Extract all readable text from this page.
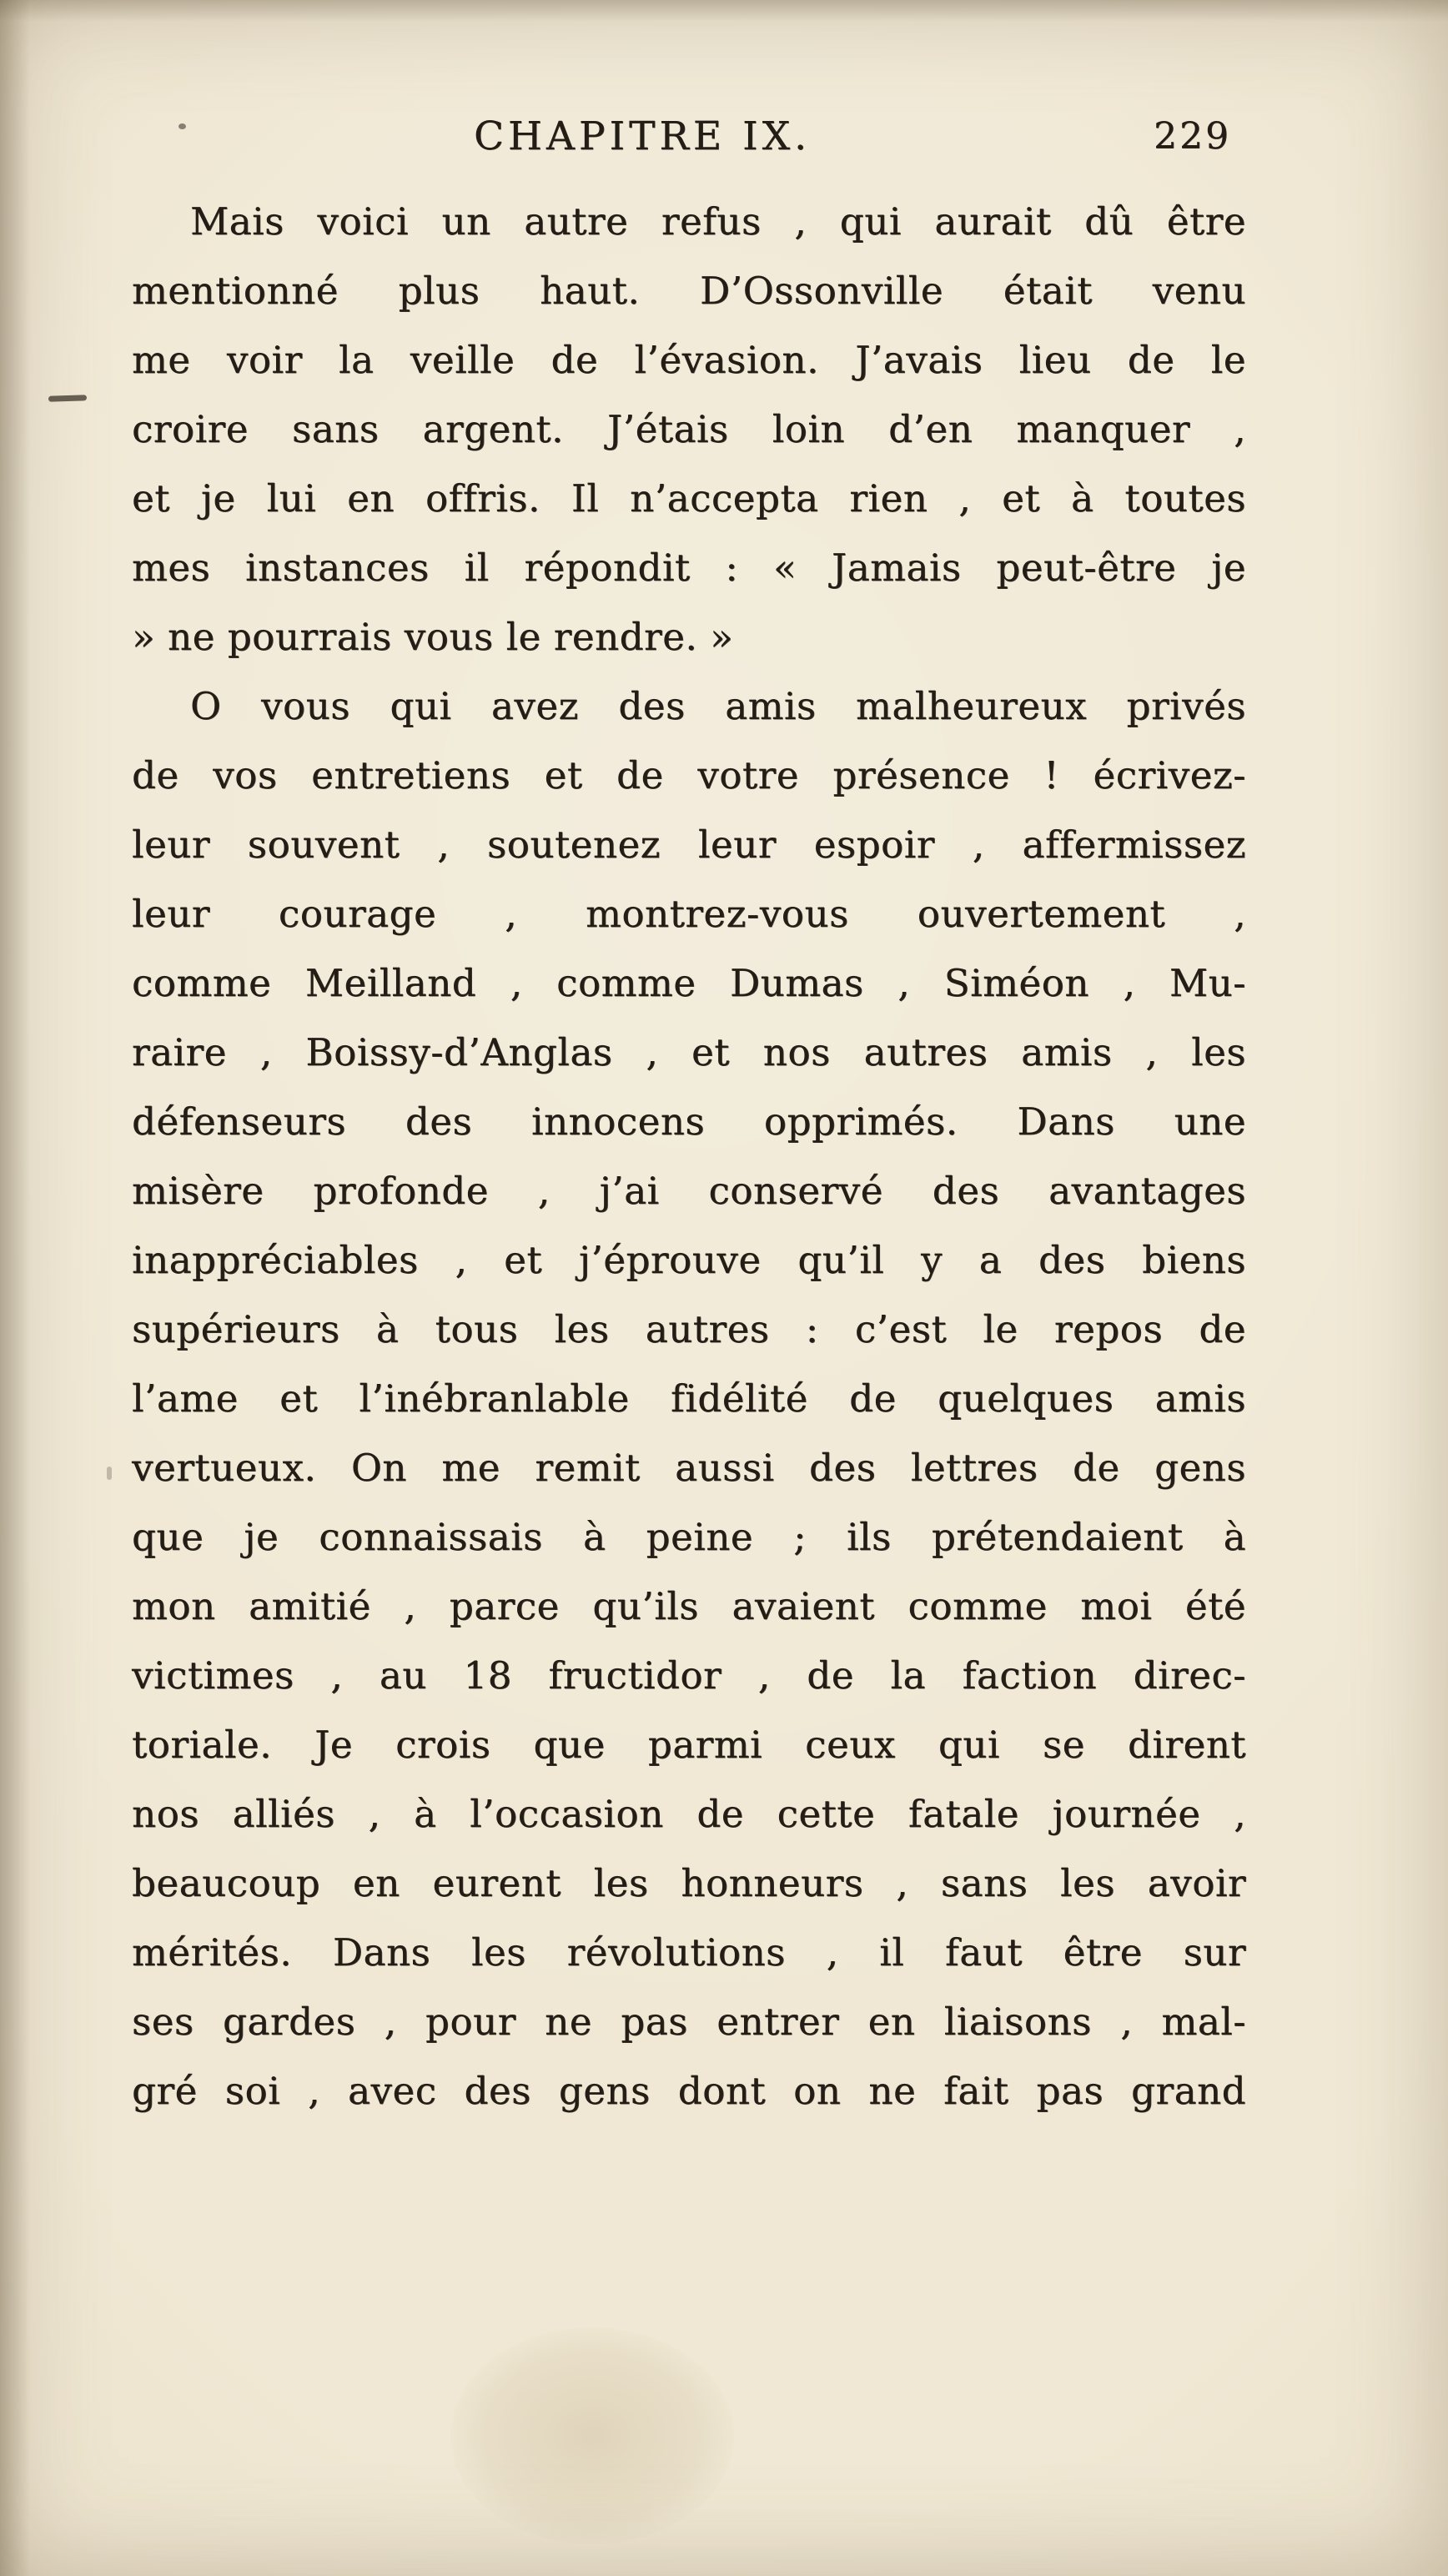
CHAPITRE IX.	229
Mais voici un autre refus , qui aurait dû être
mentionné plus haut. D’Ossonville était venu
me voir la veille de l’évasion. J’avais lieu de le
croire sans argent. J’étais loin d’en manquer ,
et je lui en offris. Il n’accepta rien , et à toutes
mes instances il répondit : « Jamais peut-être je
» ne pourrais vous le rendre. »
O vous qui avez des amis malheureux privés
de vos entretiens et de votre présence ! écrivez-
leur souvent , soutenez leur espoir , affermissez
leur courage , montrez-vous ouvertement ,
comme Meilland , comme Dumas , Siméon , Mu-
raire , Boissy-d’Anglas , et nos autres amis , les
défenseurs des innocens opprimés. Dans une
misère profonde , j’ai conservé des avantages
inappréciables , et j’éprouve qu’il y a des biens
supérieurs à tous les autres : c’est le repos de
l’ame et l’inébranlable fidélité de quelques amis
vertueux. On me remit aussi des lettres de gens
que je connaissais à peine ; ils prétendaient à
mon amitié , parce qu’ils avaient comme moi été
victimes , au 18 fructidor , de la faction direc-
toriale. Je crois que parmi ceux qui se dirent
nos alliés , à l’occasion de cette fatale journée ,
beaucoup en eurent les honneurs , sans les avoir
mérités. Dans les révolutions , il faut être sur
ses gardes , pour ne pas entrer en liaisons , mal-
gré soi , avec des gens dont on ne fait pas grand
